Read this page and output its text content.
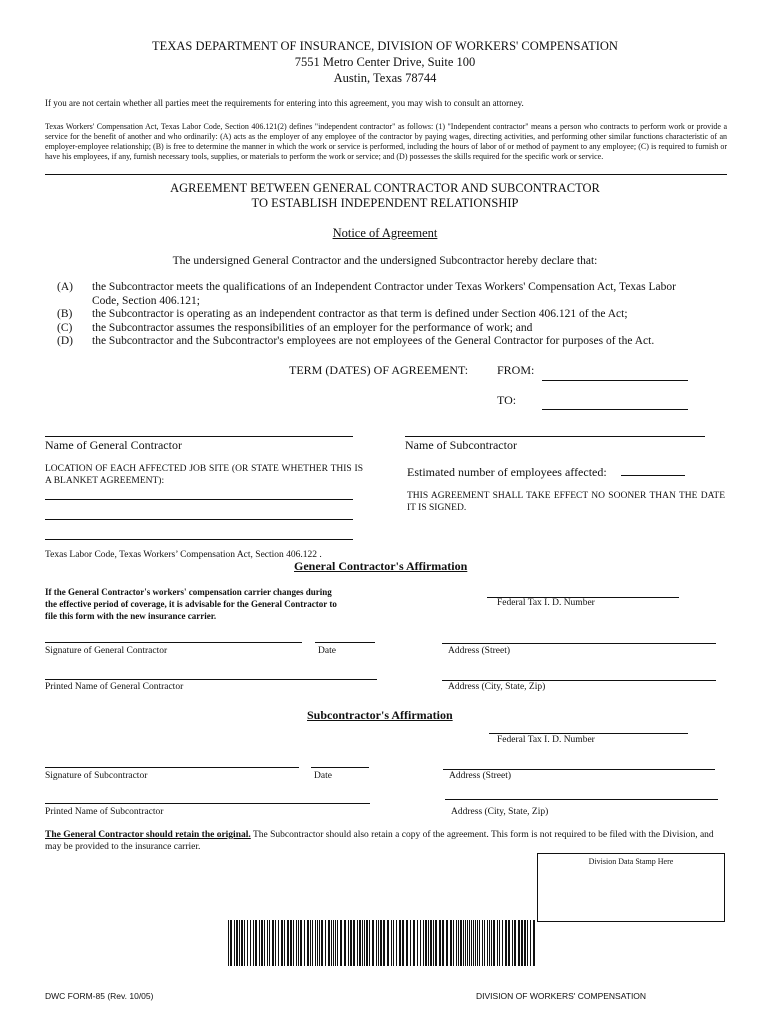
TEXAS DEPARTMENT OF INSURANCE, DIVISION OF WORKERS' COMPENSATION
7551 Metro Center Drive, Suite 100
Austin, Texas 78744
If you are not certain whether all parties meet the requirements for entering into this agreement, you may wish to consult an attorney.
Texas Workers' Compensation Act, Texas Labor Code, Section 406.121(2) defines "independent contractor" as follows: (1) "Independent contractor" means a person who contracts to perform work or provide a service for the benefit of another and who ordinarily: (A) acts as the employer of any employee of the contractor by paying wages, directing activities, and performing other similar functions characteristic of an employer-employee relationship; (B) is free to determine the manner in which the work or service is performed, including the hours of labor of or method of payment to any employee; (C) is required to furnish or have his employees, if any, furnish necessary tools, supplies, or materials to perform the work or service; and (D) possesses the skills required for the specific work or service.
AGREEMENT BETWEEN GENERAL CONTRACTOR AND SUBCONTRACTOR
TO ESTABLISH INDEPENDENT RELATIONSHIP
Notice of Agreement
The undersigned General Contractor and the undersigned Subcontractor hereby declare that:
(A)	the Subcontractor meets the qualifications of an Independent Contractor under Texas Workers' Compensation Act, Texas Labor Code, Section 406.121;
(B)	the Subcontractor is operating as an independent contractor as that term is defined under Section 406.121 of the Act;
(C)	the Subcontractor assumes the responsibilities of an employer for the performance of work; and
(D)	the Subcontractor and the Subcontractor's employees are not employees of the General Contractor for purposes of the Act.
TERM (DATES) OF AGREEMENT: FROM:
TO:
Name of General Contractor	Name of Subcontractor
LOCATION OF EACH AFFECTED JOB SITE (OR STATE WHETHER THIS IS A BLANKET AGREEMENT):
Estimated number of employees affected:
THIS AGREEMENT SHALL TAKE EFFECT NO SOONER THAN THE DATE IT IS SIGNED.
Texas Labor Code, Texas Workers’ Compensation Act, Section 406.122 .
General Contractor's Affirmation
If the General Contractor's workers' compensation carrier changes during the effective period of coverage, it is advisable for the General Contractor to file this form with the new insurance carrier.
Federal Tax I. D. Number
Signature of General Contractor	Date	Address (Street)
Printed Name of General Contractor	Address (City, State, Zip)
Subcontractor's Affirmation
Federal Tax I. D. Number
Signature of Subcontractor	Date	Address (Street)
Printed Name of Subcontractor	Address (City, State, Zip)
The General Contractor should retain the original. The Subcontractor should also retain a copy of the agreement. This form is not required to be filed with the Division, and may be provided to the insurance carrier.
Division Data Stamp Here
DWC FORM-85 (Rev. 10/05)	DIVISION OF WORKERS' COMPENSATION
